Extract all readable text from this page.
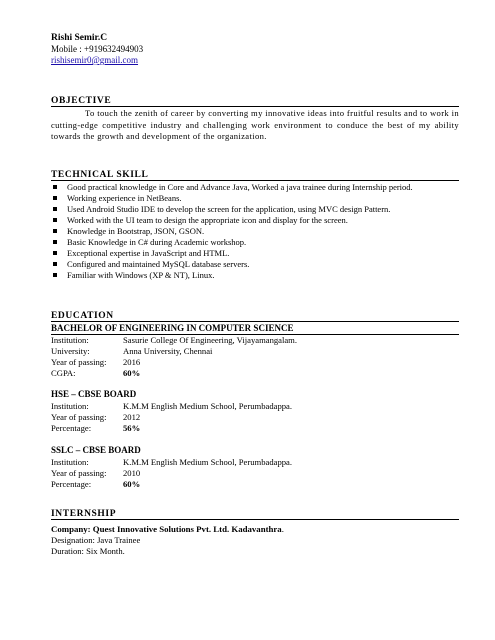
Rishi Semir.C
Mobile : +919632494903
rishisemir0@gmail.com
OBJECTIVE
To touch the zenith of career by converting my innovative ideas into fruitful results and to work in cutting-edge competitive industry and challenging work environment to conduce the best of my ability towards the growth and development of the organization.
TECHNICAL SKILL
Good practical knowledge in Core and Advance Java, Worked a java trainee during Internship period.
Working experience in NetBeans.
Used Android Studio IDE to develop the screen for the application, using MVC design Pattern.
Worked with the UI team to design the appropriate icon and display for the screen.
Knowledge in Bootstrap, JSON, GSON.
Basic Knowledge in C# during Academic workshop.
Exceptional expertise in JavaScript and HTML.
Configured and maintained MySQL database servers.
Familiar with Windows (XP & NT), Linux.
EDUCATION
BACHELOR OF ENGINEERING IN COMPUTER SCIENCE
Institution:	Sasurie College Of Engineering, Vijayamangalam.
University:	Anna University, Chennai
Year of passing: 2016
CGPA:	60%
HSE – CBSE BOARD
Institution:	K.M.M English Medium School, Perumbadappa.
Year of passing: 2012
Percentage:	56%
SSLC – CBSE BOARD
Institution:	K.M.M English Medium School, Perumbadappa.
Year of passing: 2010
Percentage:	60%
INTERNSHIP
Company: Quest Innovative Solutions Pvt. Ltd. Kadavanthra.
Designation: Java Trainee
Duration: Six Month.
